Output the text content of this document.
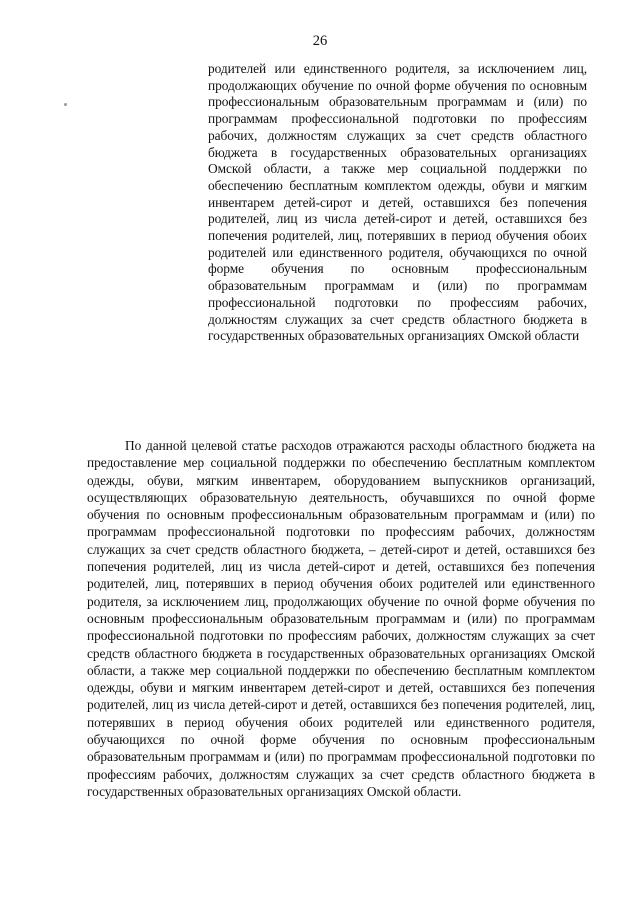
26

родителей или единственного родителя, за исключением лиц, продолжающих обучение по очной форме обучения по основным профессиональным образовательным программам и (или) по программам профессиональной подготовки по профессиям рабочих, должностям служащих за счет средств областного бюджета в государственных образовательных организациях Омской области, а также мер социальной поддержки по обеспечению бесплатным комплектом одежды, обуви и мягким инвентарем детей-сирот и детей, оставшихся без попечения родителей, лиц из числа детей-сирот и детей, оставшихся без попечения родителей, лиц, потерявших в период обучения обоих родителей или единственного родителя, обучающихся по очной форме обучения по основным профессиональным образовательным программам и (или) по программам профессиональной подготовки по профессиям рабочих, должностям служащих за счет средств областного бюджета в государственных образовательных организациях Омской области

По данной целевой статье расходов отражаются расходы областного бюджета на предоставление мер социальной поддержки по обеспечению бесплатным комплектом одежды, обуви, мягким инвентарем, оборудованием выпускников организаций, осуществляющих образовательную деятельность, обучавшихся по очной форме обучения по основным профессиональным образовательным программам и (или) по программам профессиональной подготовки по профессиям рабочих, должностям служащих за счет средств областного бюджета, – детей-сирот и детей, оставшихся без попечения родителей, лиц из числа детей-сирот и детей, оставшихся без попечения родителей, лиц, потерявших в период обучения обоих родителей или единственного родителя, за исключением лиц, продолжающих обучение по очной форме обучения по основным профессиональным образовательным программам и (или) по программам профессиональной подготовки по профессиям рабочих, должностям служащих за счет средств областного бюджета в государственных образовательных организациях Омской области, а также мер социальной поддержки по обеспечению бесплатным комплектом одежды, обуви и мягким инвентарем детей-сирот и детей, оставшихся без попечения родителей, лиц из числа детей-сирот и детей, оставшихся без попечения родителей, лиц, потерявших в период обучения обоих родителей или единственного родителя, обучающихся по очной форме обучения по основным профессиональным образовательным программам и (или) по программам профессиональной подготовки по профессиям рабочих, должностям служащих за счет средств областного бюджета в государственных образовательных организациях Омской области.
